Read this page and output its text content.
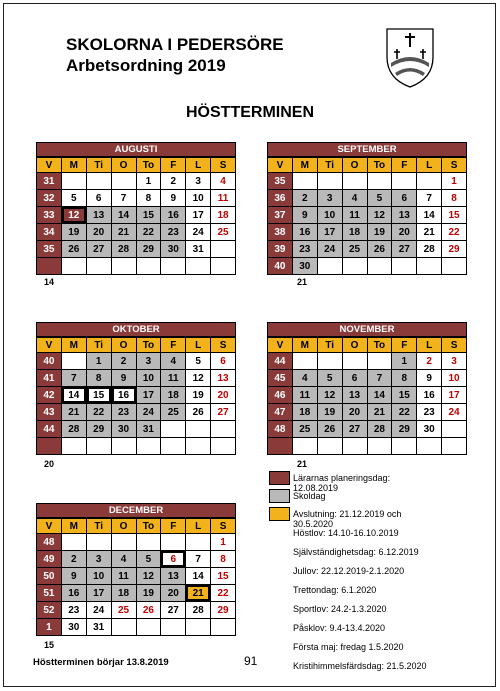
SKOLORNA I PEDERSÖRE
Arbetsordning 2019
HÖSTTERMINEN
AUGUSTI
V	M	Ti	O	To	F	L	S
31				1	2	3	4
32	5	6	7	8	9	10	11
33	12	13	14	15	16	17	18
34	19	20	21	22	23	24	25
35	26	27	28	29	30	31	

SEPTEMBER
V	M	Ti	O	To	F	L	S
35							1
36	2	3	4	5	6	7	8
37	9	10	11	12	13	14	15
38	16	17	18	19	20	21	22
39	23	24	25	26	27	28	29
40	30						
OKTOBER
V	M	Ti	O	To	F	L	S
40		1	2	3	4	5	6
41	7	8	9	10	11	12	13
42	14	15	16	17	18	19	20
43	21	22	23	24	25	26	27
44	28	29	30	31			

NOVEMBER
V	M	Ti	O	To	F	L	S
44					1	2	3
45	4	5	6	7	8	9	10
46	11	12	13	14	15	16	17
47	18	19	20	21	22	23	24
48	25	26	27	28	29	30	

DECEMBER
V	M	Ti	O	To	F	L	S
48							1
49	2	3	4	5	6	7	8
50	9	10	11	12	13	14	15
51	16	17	18	19	20	21	22
52	23	24	25	26	27	28	29
1	30	31					
14	21
20	21
15
Lärarnas planeringsdag: 12.08.2019
Skoldag
Avslutning: 21.12.2019 och 30.5.2020
Höstlov: 14.10-16.10.2019
Självständighetsdag: 6.12.2019
Jullov: 22.12.2019-2.1.2020
Trettondag: 6.1.2020
Sportlov: 24.2-1.3.2020
Påsklov: 9.4-13.4.2020
Första maj: fredag 1.5.2020
Kristihimmelsfärdsdag: 21.5.2020
Höstterminen börjar 13.8.2019	91
